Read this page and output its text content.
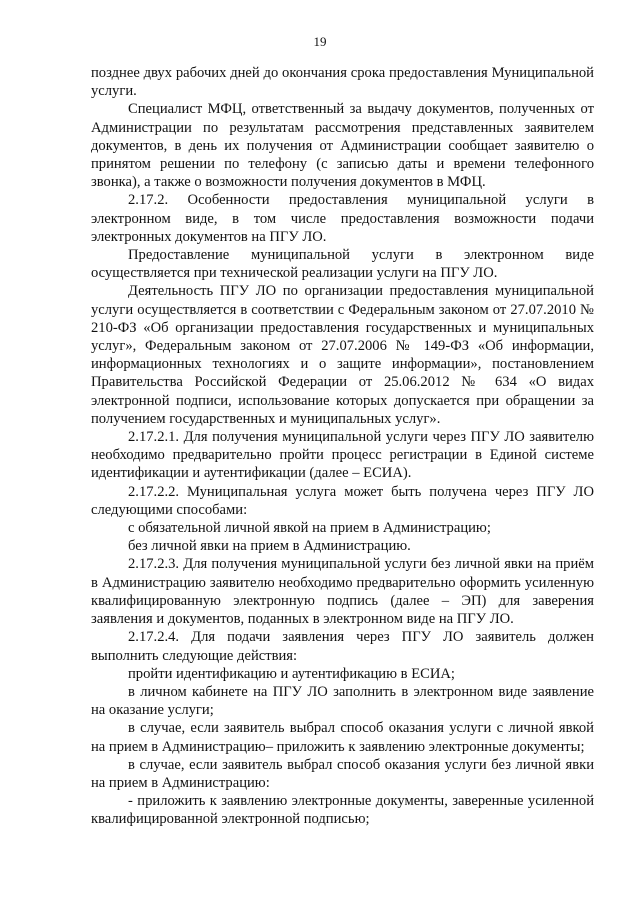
19

позднее двух рабочих дней до окончания срока предоставления Муниципальной услуги.

Специалист МФЦ, ответственный за выдачу документов, полученных от Администрации по результатам рассмотрения представленных заявителем документов, в день их получения от Администрации сообщает заявителю о принятом решении по телефону (с записью даты и времени телефонного звонка), а также о возможности получения документов в МФЦ.

2.17.2. Особенности предоставления муниципальной услуги в электронном виде, в том числе предоставления возможности подачи электронных документов на ПГУ ЛО.

Предоставление муниципальной услуги в электронном виде осуществляется при технической реализации услуги на ПГУ ЛО.

Деятельность ПГУ ЛО по организации предоставления муниципальной услуги осуществляется в соответствии с Федеральным законом от 27.07.2010 № 210-ФЗ «Об организации предоставления государственных и муниципальных услуг», Федеральным законом от 27.07.2006 № 149-ФЗ «Об информации, информационных технологиях и о защите информации», постановлением Правительства Российской Федерации от 25.06.2012 № 634 «О видах электронной подписи, использование которых допускается при обращении за получением государственных и муниципальных услуг».

2.17.2.1. Для получения муниципальной услуги через ПГУ ЛО заявителю необходимо предварительно пройти процесс регистрации в Единой системе идентификации и аутентификации (далее – ЕСИА).

2.17.2.2. Муниципальная услуга может быть получена через ПГУ ЛО следующими способами:

с обязательной личной явкой на прием в Администрацию;

без личной явки на прием в Администрацию.

2.17.2.3. Для получения муниципальной услуги без личной явки на приём в Администрацию заявителю необходимо предварительно оформить усиленную квалифицированную электронную подпись (далее – ЭП) для заверения заявления и документов, поданных в электронном виде на ПГУ ЛО.

2.17.2.4. Для подачи заявления через ПГУ ЛО заявитель должен выполнить следующие действия:

пройти идентификацию и аутентификацию в ЕСИА;

в личном кабинете на ПГУ ЛО заполнить в электронном виде заявление на оказание услуги;

в случае, если заявитель выбрал способ оказания услуги с личной явкой на прием в Администрацию– приложить к заявлению электронные документы;

в случае, если заявитель выбрал способ оказания услуги без личной явки на прием в Администрацию:

- приложить к заявлению электронные документы, заверенные усиленной квалифицированной электронной подписью;
